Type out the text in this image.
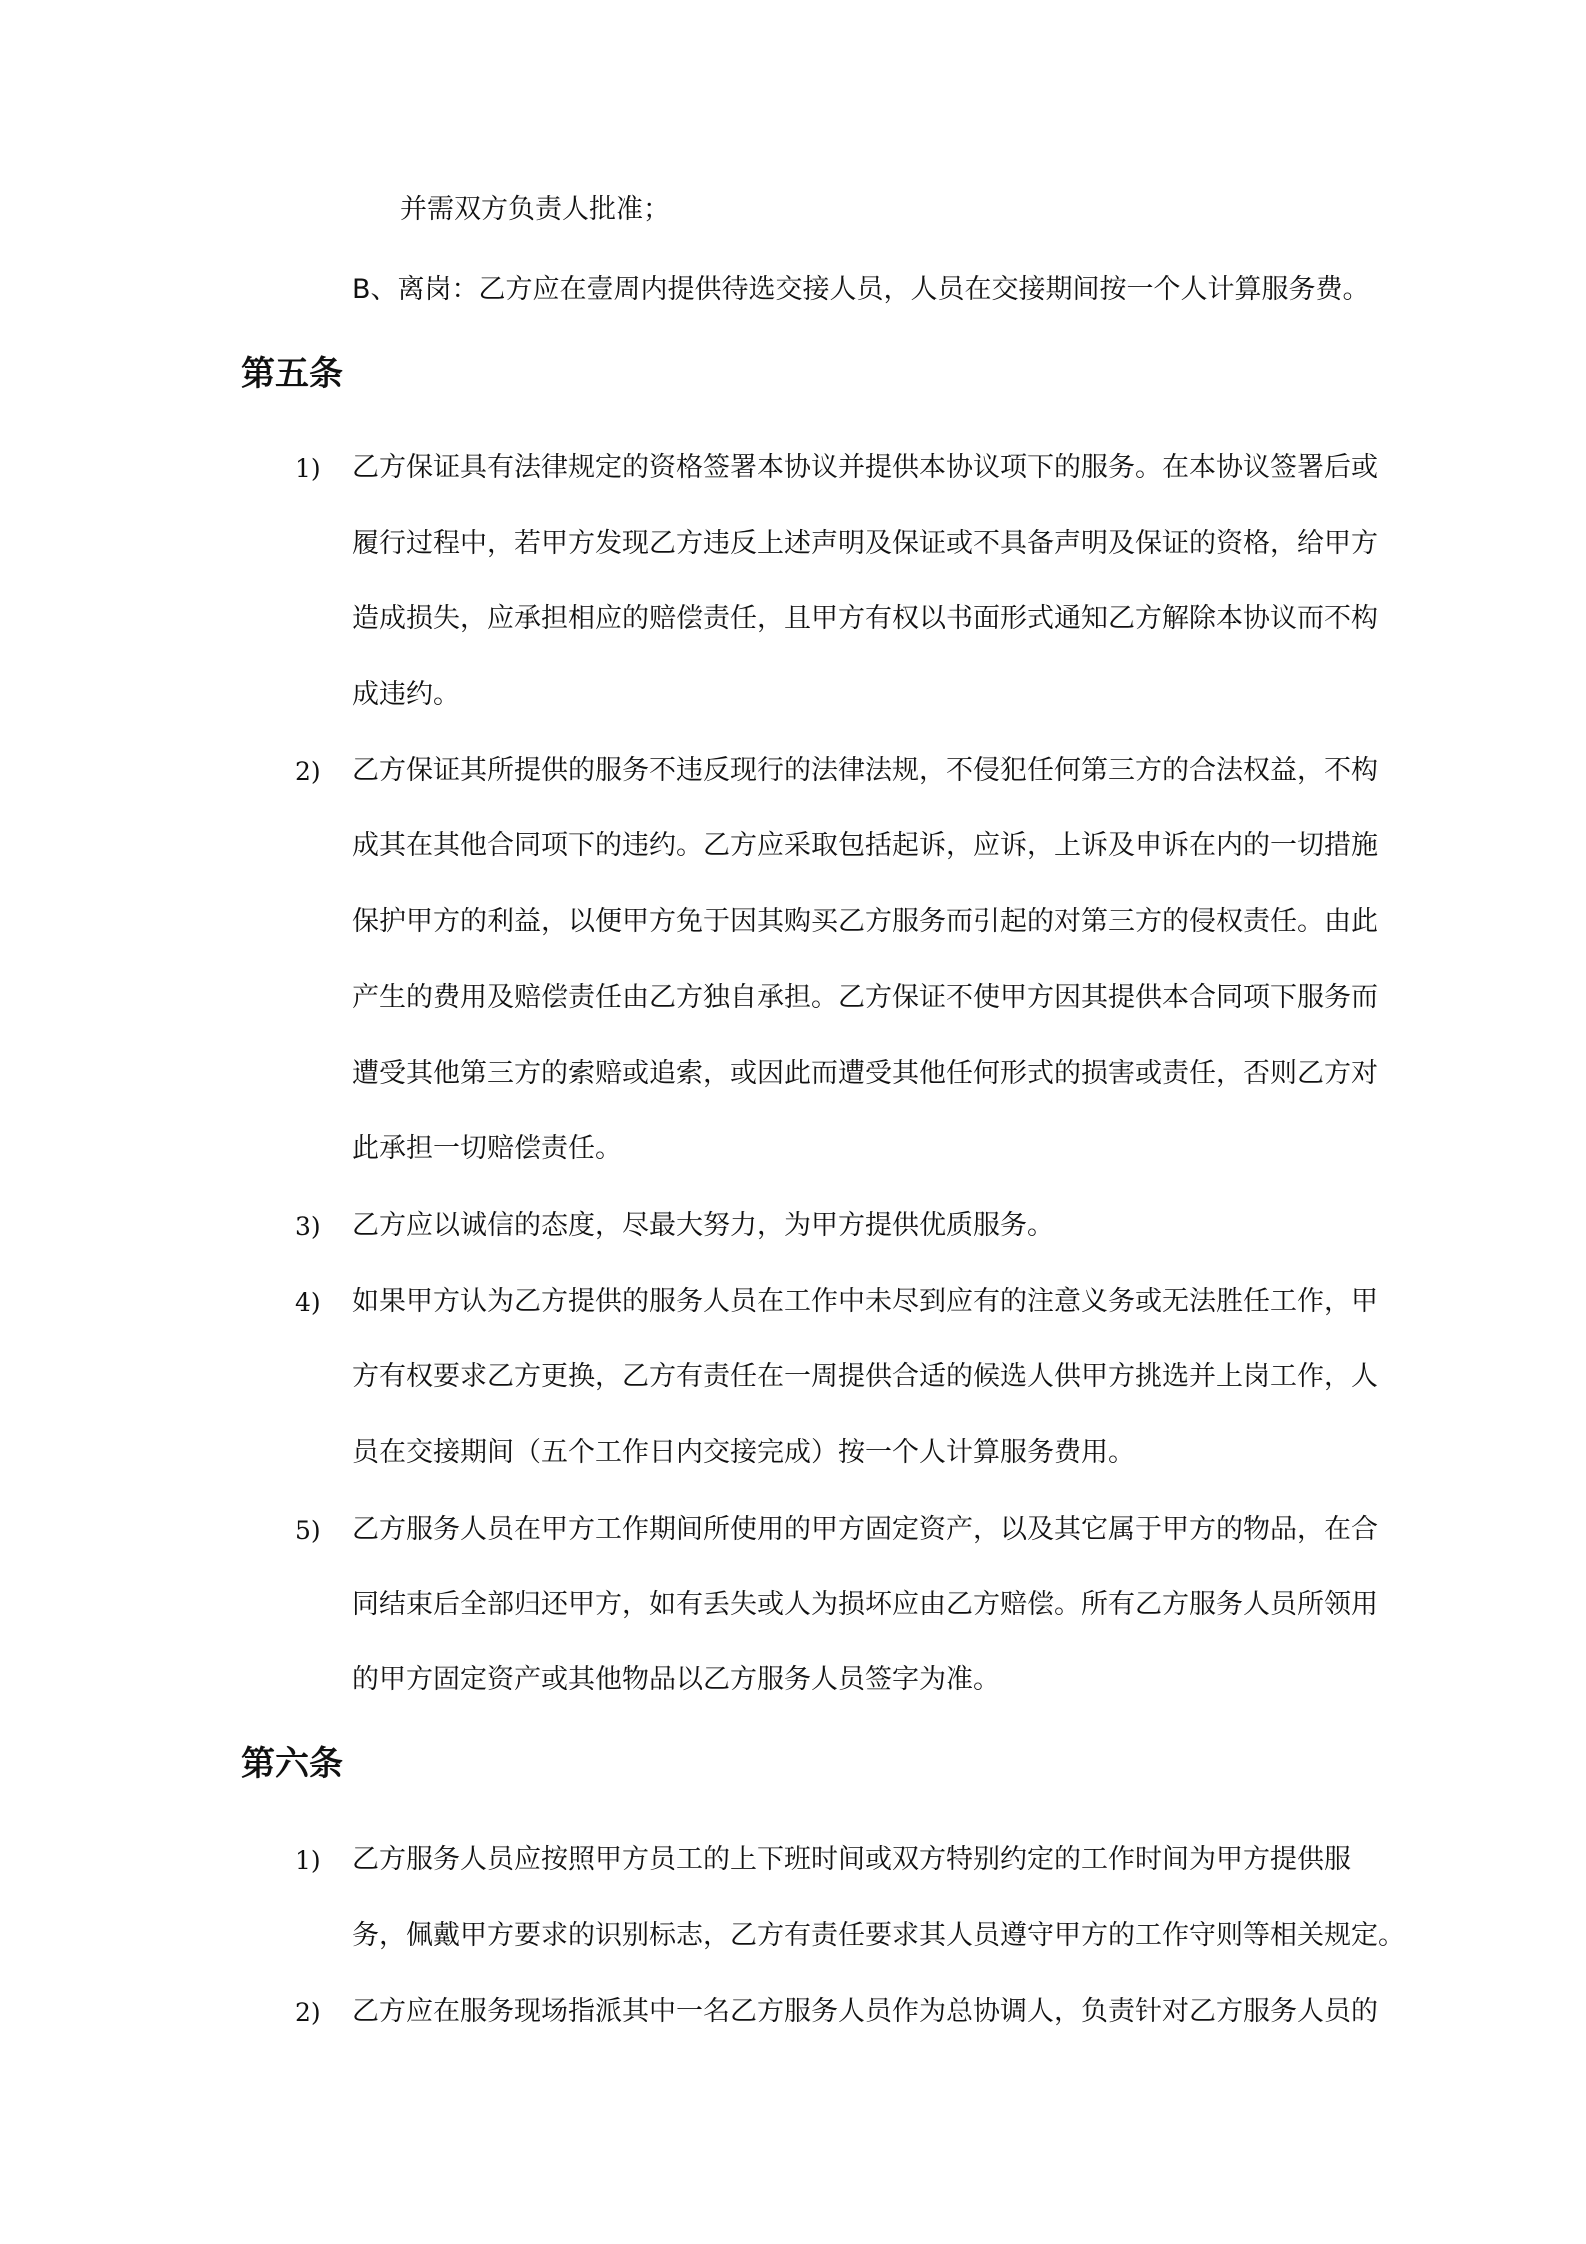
并需双方负责人批准；
B、离岗：乙方应在壹周内提供待选交接人员，人员在交接期间按一个人计算服务费。
第五条
1) 乙方保证具有法律规定的资格签署本协议并提供本协议项下的服务。在本协议签署后或
履行过程中，若甲方发现乙方违反上述声明及保证或不具备声明及保证的资格，给甲方
造成损失，应承担相应的赔偿责任，且甲方有权以书面形式通知乙方解除本协议而不构
成违约。
2) 乙方保证其所提供的服务不违反现行的法律法规，不侵犯任何第三方的合法权益，不构
成其在其他合同项下的违约。乙方应采取包括起诉，应诉，上诉及申诉在内的一切措施
保护甲方的利益，以便甲方免于因其购买乙方服务而引起的对第三方的侵权责任。由此
产生的费用及赔偿责任由乙方独自承担。乙方保证不使甲方因其提供本合同项下服务而
遭受其他第三方的索赔或追索，或因此而遭受其他任何形式的损害或责任，否则乙方对
此承担一切赔偿责任。
3) 乙方应以诚信的态度，尽最大努力，为甲方提供优质服务。
4) 如果甲方认为乙方提供的服务人员在工作中未尽到应有的注意义务或无法胜任工作，甲
方有权要求乙方更换，乙方有责任在一周提供合适的候选人供甲方挑选并上岗工作，人
员在交接期间（五个工作日内交接完成）按一个人计算服务费用。
5) 乙方服务人员在甲方工作期间所使用的甲方固定资产，以及其它属于甲方的物品，在合
同结束后全部归还甲方，如有丢失或人为损坏应由乙方赔偿。所有乙方服务人员所领用
的甲方固定资产或其他物品以乙方服务人员签字为准。
第六条
1) 乙方服务人员应按照甲方员工的上下班时间或双方特别约定的工作时间为甲方提供服
务，佩戴甲方要求的识别标志，乙方有责任要求其人员遵守甲方的工作守则等相关规定。
2) 乙方应在服务现场指派其中一名乙方服务人员作为总协调人，负责针对乙方服务人员的
